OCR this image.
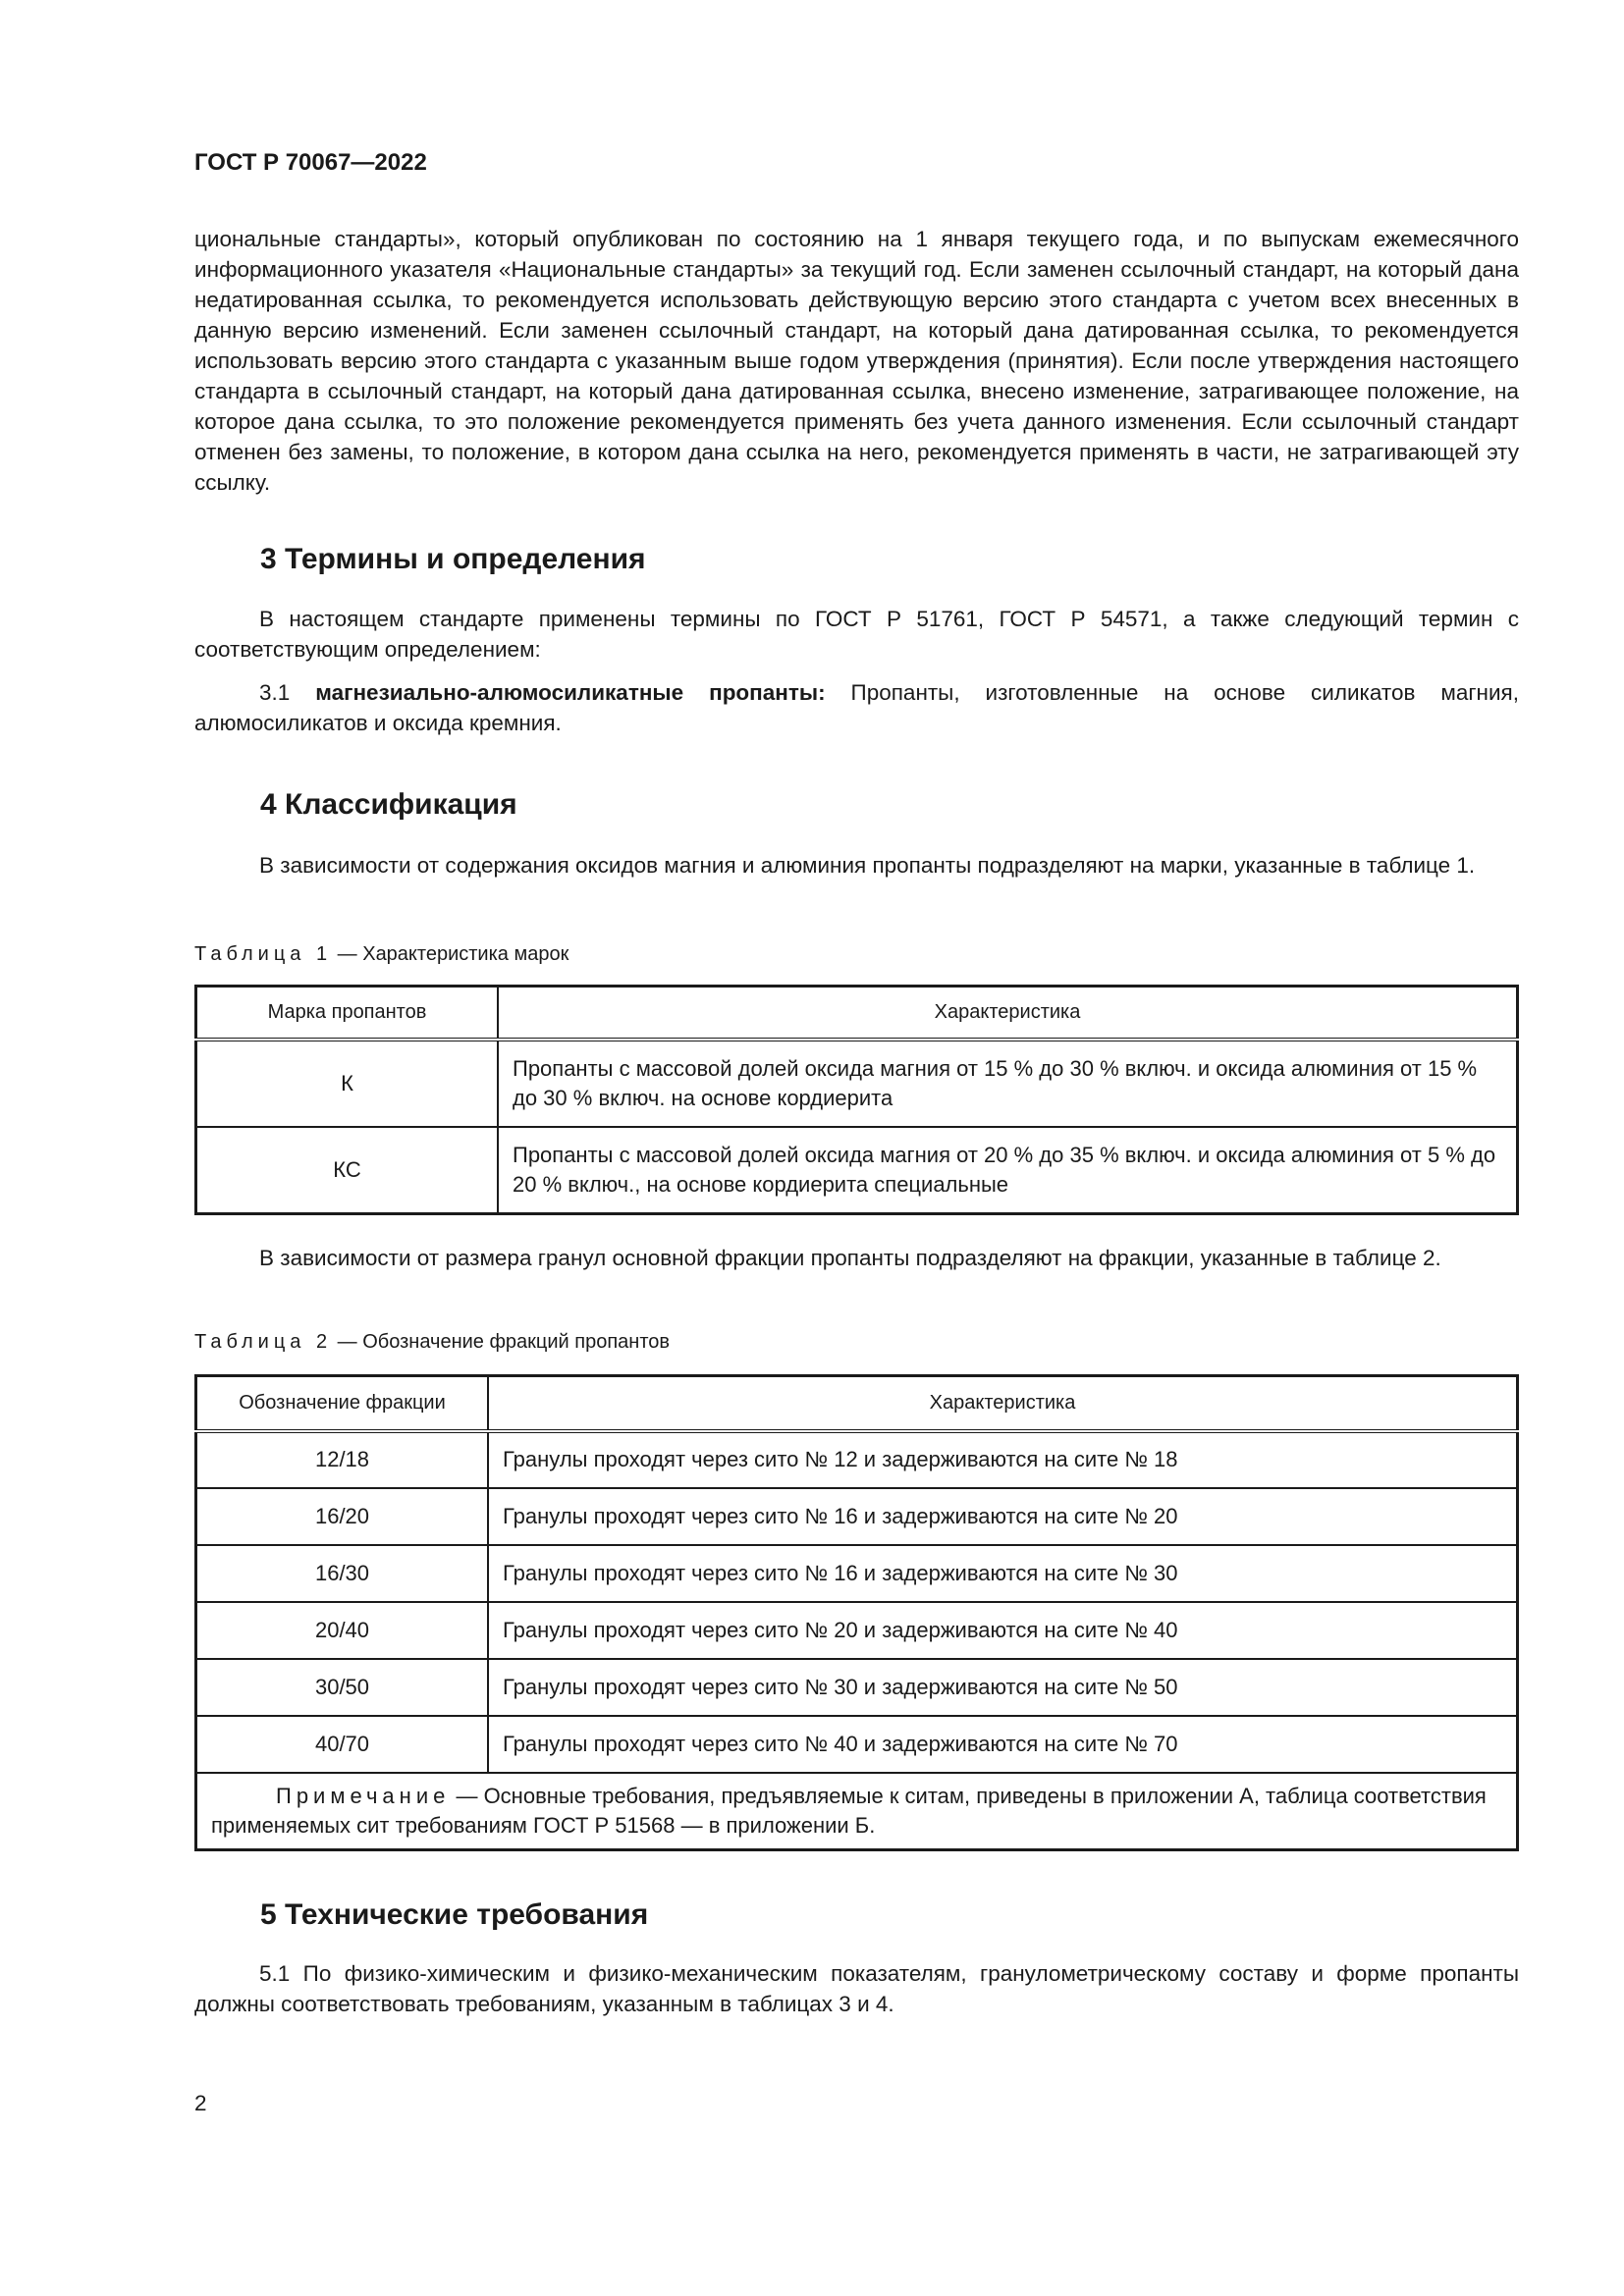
ГОСТ Р 70067—2022
циональные стандарты», который опубликован по состоянию на 1 января текущего года, и по выпускам ежемесячного информационного указателя «Национальные стандарты» за текущий год. Если заменен ссылочный стандарт, на который дана недатированная ссылка, то рекомендуется использовать действующую версию этого стандарта с учетом всех внесенных в данную версию изменений. Если заменен ссылочный стандарт, на который дана датированная ссылка, то рекомендуется использовать версию этого стандарта с указанным выше годом утверждения (принятия). Если после утверждения настоящего стандарта в ссылочный стандарт, на который дана датированная ссылка, внесено изменение, затрагивающее положение, на которое дана ссылка, то это положение рекомендуется применять без учета данного изменения. Если ссылочный стандарт отменен без замены, то положение, в котором дана ссылка на него, рекомендуется применять в части, не затрагивающей эту ссылку.
3 Термины и определения
В настоящем стандарте применены термины по ГОСТ Р 51761, ГОСТ Р 54571, а также следующий термин с соответствующим определением:
3.1 магнезиально-алюмосиликатные пропанты: Пропанты, изготовленные на основе силикатов магния, алюмосиликатов и оксида кремния.
4 Классификация
В зависимости от содержания оксидов магния и алюминия пропанты подразделяют на марки, указанные в таблице 1.
Таблица 1 — Характеристика марок
Марка пропантов	Характеристика
К	Пропанты с массовой долей оксида магния от 15 % до 30 % включ. и оксида алюминия от 15 % до 30 % включ. на основе кордиерита
КС	Пропанты с массовой долей оксида магния от 20 % до 35 % включ. и оксида алюминия от 5 % до 20 % включ., на основе кордиерита специальные
В зависимости от размера гранул основной фракции пропанты подразделяют на фракции, указанные в таблице 2.
Таблица 2 — Обозначение фракций пропантов
Обозначение фракции	Характеристика
12/18	Гранулы проходят через сито № 12 и задерживаются на сите № 18
16/20	Гранулы проходят через сито № 16 и задерживаются на сите № 20
16/30	Гранулы проходят через сито № 16 и задерживаются на сите № 30
20/40	Гранулы проходят через сито № 20 и задерживаются на сите № 40
30/50	Гранулы проходят через сито № 30 и задерживаются на сите № 50
40/70	Гранулы проходят через сито № 40 и задерживаются на сите № 70
Примечание — Основные требования, предъявляемые к ситам, приведены в приложении А, таблица соответствия применяемых сит требованиям ГОСТ Р 51568 — в приложении Б.	
5 Технические требования
5.1 По физико-химическим и физико-механическим показателям, гранулометрическому составу и форме пропанты должны соответствовать требованиям, указанным в таблицах 3 и 4.
2
